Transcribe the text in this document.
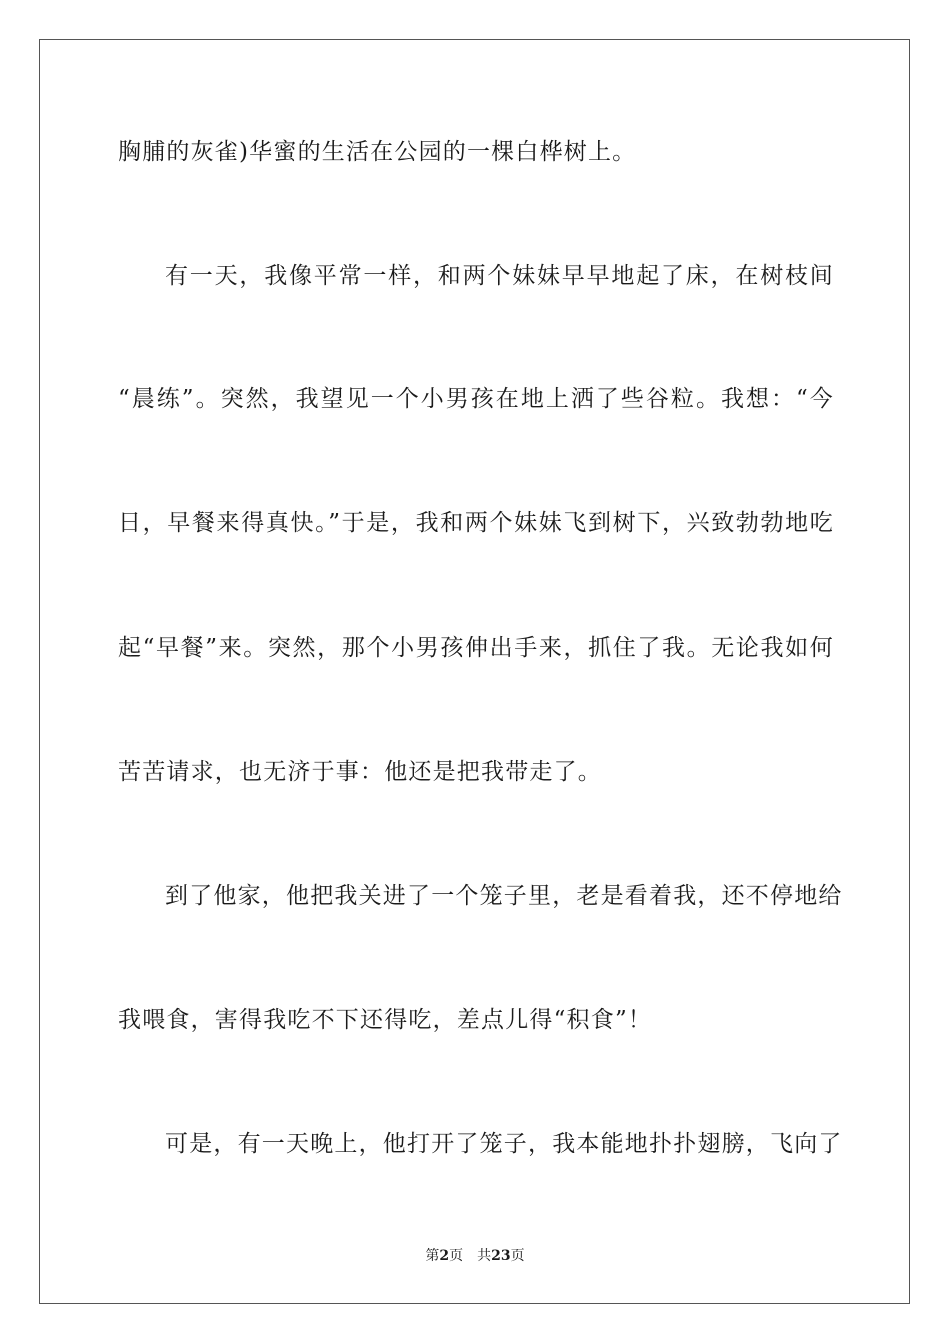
胸脯的灰雀)华蜜的生活在公园的一棵白桦树上。
有一天，我像平常一样，和两个妹妹早早地起了床，在树枝间
“晨练”。突然，我望见一个小男孩在地上洒了些谷粒。我想：“今
日，早餐来得真快。”于是，我和两个妹妹飞到树下，兴致勃勃地吃
起“早餐”来。突然，那个小男孩伸出手来，抓住了我。无论我如何
苦苦请求，也无济于事：他还是把我带走了。
到了他家，他把我关进了一个笼子里，老是看着我，还不停地给
我喂食，害得我吃不下还得吃，差点儿得“积食”！
可是，有一天晚上，他打开了笼子，我本能地扑扑翅膀，飞向了
第2页 共23页
